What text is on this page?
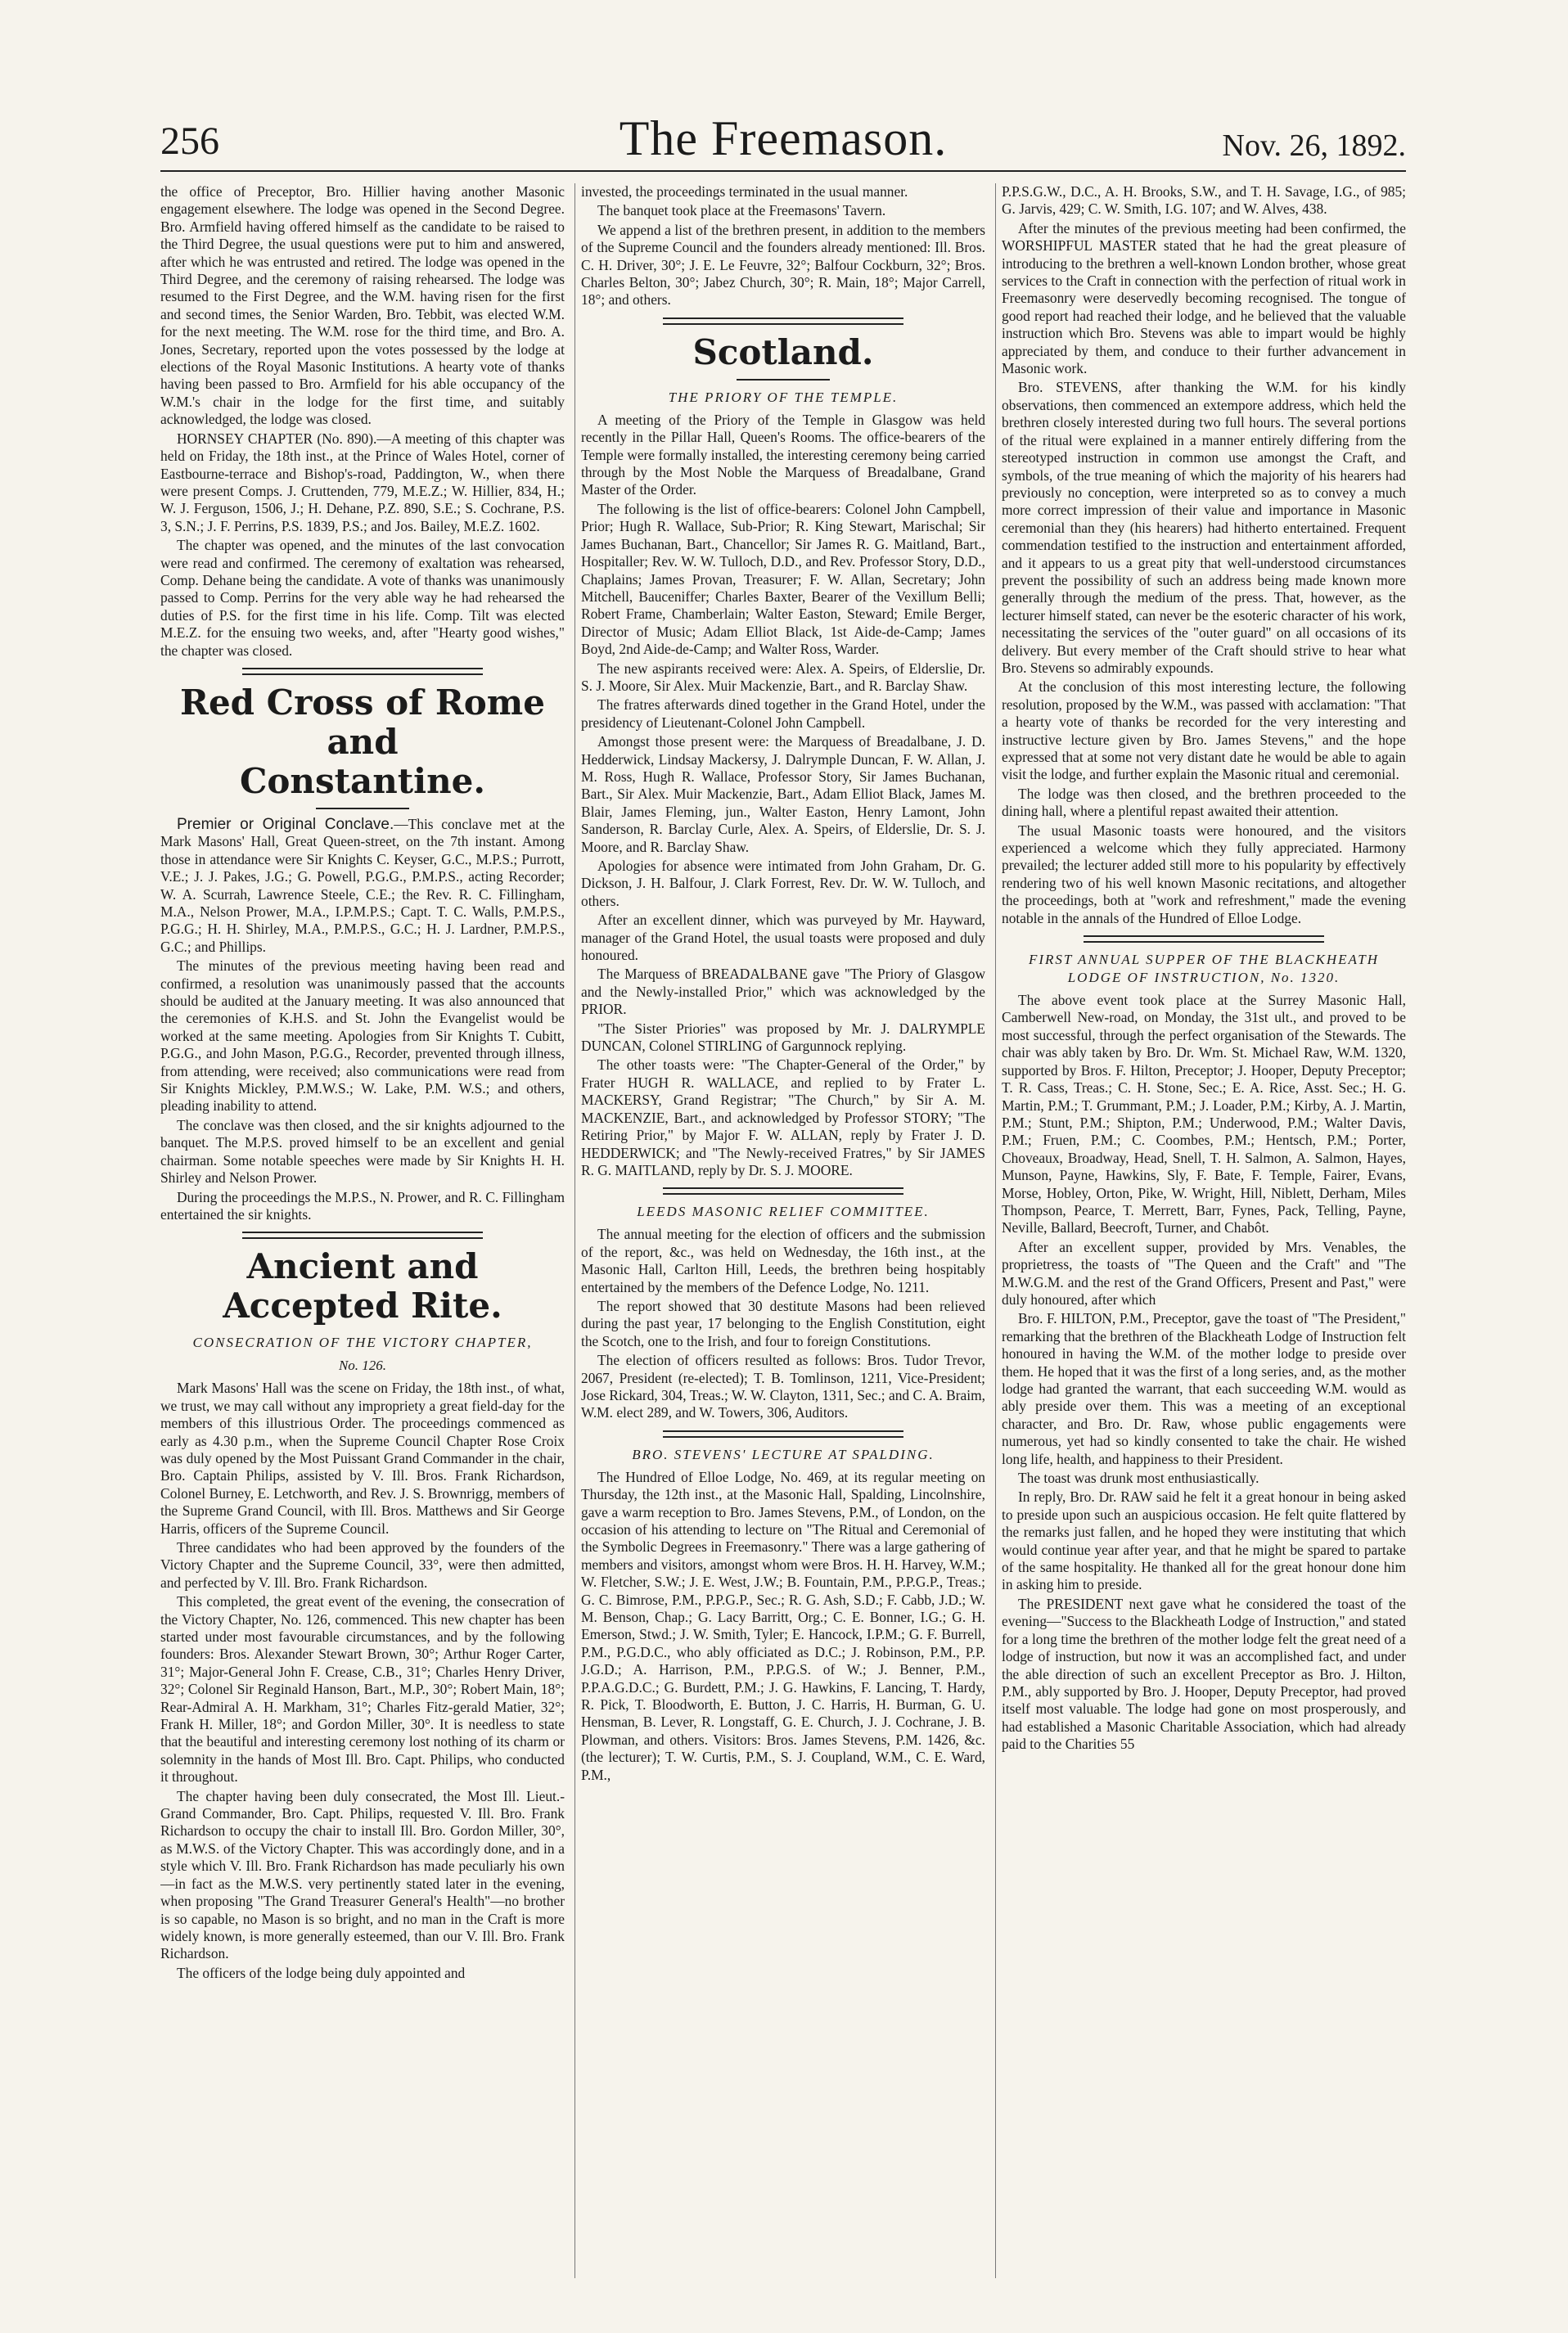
256	The Freemason.	Nov. 26, 1892.

the office of Preceptor, Bro. Hillier having another Masonic engagement elsewhere. The lodge was opened in the Second Degree. Bro. Armfield having offered himself as the candidate to be raised to the Third Degree, the usual questions were put to him and answered, after which he was entrusted and retired. The lodge was opened in the Third Degree, and the ceremony of raising rehearsed. The lodge was resumed to the First Degree, and the W.M. having risen for the first and second times, the Senior Warden, Bro. Tebbit, was elected W.M. for the next meeting. The W.M. rose for the third time, and Bro. A. Jones, Secretary, reported upon the votes possessed by the lodge at elections of the Royal Masonic Institutions. A hearty vote of thanks having been passed to Bro. Armfield for his able occupancy of the W.M.'s chair in the lodge for the first time, and suitably acknowledged, the lodge was closed.

HORNSEY CHAPTER (No. 890).—A meeting of this chapter was held on Friday, the 18th inst., at the Prince of Wales Hotel, corner of Eastbourne-terrace and Bishop's-road, Paddington, W., when there were present Comps. J. Cruttenden, 779, M.E.Z.; W. Hillier, 834, H.; W. J. Ferguson, 1506, J.; H. Dehane, P.Z. 890, S.E.; S. Cochrane, P.S. 3, S.N.; J. F. Perrins, P.S. 1839, P.S.; and Jos. Bailey, M.E.Z. 1602.

The chapter was opened, and the minutes of the last convocation were read and confirmed. The ceremony of exaltation was rehearsed, Comp. Dehane being the candidate. A vote of thanks was unanimously passed to Comp. Perrins for the very able way he had rehearsed the duties of P.S. for the first time in his life. Comp. Tilt was elected M.E.Z. for the ensuing two weeks, and, after "Hearty good wishes," the chapter was closed.

Red Cross of Rome and
Constantine.

Premier or Original Conclave.—This conclave met at the Mark Masons' Hall, Great Queen-street, on the 7th instant. Among those in attendance were Sir Knights C. Keyser, G.C., M.P.S.; Purrott, V.E.; J. J. Pakes, J.G.; G. Powell, P.G.G., P.M.P.S., acting Recorder; W. A. Scurrah, Lawrence Steele, C.E.; the Rev. R. C. Fillingham, M.A., Nelson Prower, M.A., I.P.M.P.S.; Capt. T. C. Walls, P.M.P.S., P.G.G.; H. H. Shirley, M.A., P.M.P.S., G.C.; H. J. Lardner, P.M.P.S., G.C.; and Phillips.

The minutes of the previous meeting having been read and confirmed, a resolution was unanimously passed that the accounts should be audited at the January meeting. It was also announced that the ceremonies of K.H.S. and St. John the Evangelist would be worked at the same meeting. Apologies from Sir Knights T. Cubitt, P.G.G., and John Mason, P.G.G., Recorder, prevented through illness, from attending, were received; also communications were read from Sir Knights Mickley, P.M.W.S.; W. Lake, P.M. W.S.; and others, pleading inability to attend.

The conclave was then closed, and the sir knights adjourned to the banquet. The M.P.S. proved himself to be an excellent and genial chairman. Some notable speeches were made by Sir Knights H. H. Shirley and Nelson Prower.

During the proceedings the M.P.S., N. Prower, and R. C. Fillingham entertained the sir knights.

Ancient and Accepted Rite.
CONSECRATION OF THE VICTORY CHAPTER,
No. 126.

Mark Masons' Hall was the scene on Friday, the 18th inst., of what, we trust, we may call without any impropriety a great field-day for the members of this illustrious Order. The proceedings commenced as early as 4.30 p.m., when the Supreme Council Chapter Rose Croix was duly opened by the Most Puissant Grand Commander in the chair, Bro. Captain Philips, assisted by V. Ill. Bros. Frank Richardson, Colonel Burney, E. Letchworth, and Rev. J. S. Brownrigg, members of the Supreme Grand Council, with Ill. Bros. Matthews and Sir George Harris, officers of the Supreme Council.

Three candidates who had been approved by the founders of the Victory Chapter and the Supreme Council, 33°, were then admitted, and perfected by V. Ill. Bro. Frank Richardson.

This completed, the great event of the evening, the consecration of the Victory Chapter, No. 126, commenced. This new chapter has been started under most favourable circumstances, and by the following founders: Bros. Alexander Stewart Brown, 30°; Arthur Roger Carter, 31°; Major-General John F. Crease, C.B., 31°; Charles Henry Driver, 32°; Colonel Sir Reginald Hanson, Bart., M.P., 30°; Robert Main, 18°; Rear-Admiral A. H. Markham, 31°; Charles Fitz-gerald Matier, 32°; Frank H. Miller, 18°; and Gordon Miller, 30°. It is needless to state that the beautiful and interesting ceremony lost nothing of its charm or solemnity in the hands of Most Ill. Bro. Capt. Philips, who conducted it throughout.

The chapter having been duly consecrated, the Most Ill. Lieut.-Grand Commander, Bro. Capt. Philips, requested V. Ill. Bro. Frank Richardson to occupy the chair to install Ill. Bro. Gordon Miller, 30°, as M.W.S. of the Victory Chapter. This was accordingly done, and in a style which V. Ill. Bro. Frank Richardson has made peculiarly his own—in fact as the M.W.S. very pertinently stated later in the evening, when proposing "The Grand Treasurer General's Health"—no brother is so capable, no Mason is so bright, and no man in the Craft is more widely known, is more generally esteemed, than our V. Ill. Bro. Frank Richardson.

The officers of the lodge being duly appointed and

invested, the proceedings terminated in the usual manner.

The banquet took place at the Freemasons' Tavern.

We append a list of the brethren present, in addition to the members of the Supreme Council and the founders already mentioned: Ill. Bros. C. H. Driver, 30°; J. E. Le Feuvre, 32°; Balfour Cockburn, 32°; Bros. Charles Belton, 30°; Jabez Church, 30°; R. Main, 18°; Major Carrell, 18°; and others.

Scotland.
THE PRIORY OF THE TEMPLE.

A meeting of the Priory of the Temple in Glasgow was held recently in the Pillar Hall, Queen's Rooms. The office-bearers of the Temple were formally installed, the interesting ceremony being carried through by the Most Noble the Marquess of Breadalbane, Grand Master of the Order.

The following is the list of office-bearers: Colonel John Campbell, Prior; Hugh R. Wallace, Sub-Prior; R. King Stewart, Marischal; Sir James Buchanan, Bart., Chancellor; Sir James R. G. Maitland, Bart., Hospitaller; Rev. W. W. Tulloch, D.D., and Rev. Professor Story, D.D., Chaplains; James Provan, Treasurer; F. W. Allan, Secretary; John Mitchell, Bauceniffer; Charles Baxter, Bearer of the Vexillum Belli; Robert Frame, Chamberlain; Walter Easton, Steward; Emile Berger, Director of Music; Adam Elliot Black, 1st Aide-de-Camp; James Boyd, 2nd Aide-de-Camp; and Walter Ross, Warder.

The new aspirants received were: Alex. A. Speirs, of Elderslie, Dr. S. J. Moore, Sir Alex. Muir Mackenzie, Bart., and R. Barclay Shaw.

The fratres afterwards dined together in the Grand Hotel, under the presidency of Lieutenant-Colonel John Campbell.

Amongst those present were: the Marquess of Breadalbane, J. D. Hedderwick, Lindsay Mackersy, J. Dalrymple Duncan, F. W. Allan, J. M. Ross, Hugh R. Wallace, Professor Story, Sir James Buchanan, Bart., Sir Alex. Muir Mackenzie, Bart., Adam Elliot Black, James M. Blair, James Fleming, jun., Walter Easton, Henry Lamont, John Sanderson, R. Barclay Curle, Alex. A. Speirs, of Elderslie, Dr. S. J. Moore, and R. Barclay Shaw.

Apologies for absence were intimated from John Graham, Dr. G. Dickson, J. H. Balfour, J. Clark Forrest, Rev. Dr. W. W. Tulloch, and others.

After an excellent dinner, which was purveyed by Mr. Hayward, manager of the Grand Hotel, the usual toasts were proposed and duly honoured.

The Marquess of BREADALBANE gave "The Priory of Glasgow and the Newly-installed Prior," which was acknowledged by the PRIOR.

"The Sister Priories" was proposed by Mr. J. DALRYMPLE DUNCAN, Colonel STIRLING of Gargunnock replying.

The other toasts were: "The Chapter-General of the Order," by Frater HUGH R. WALLACE, and replied to by Frater L. MACKERSY, Grand Registrar; "The Church," by Sir A. M. MACKENZIE, Bart., and acknowledged by Professor STORY; "The Retiring Prior," by Major F. W. ALLAN, reply by Frater J. D. HEDDERWICK; and "The Newly-received Fratres," by Sir JAMES R. G. MAITLAND, reply by Dr. S. J. MOORE.

LEEDS MASONIC RELIEF COMMITTEE.

The annual meeting for the election of officers and the submission of the report, &c., was held on Wednesday, the 16th inst., at the Masonic Hall, Carlton Hill, Leeds, the brethren being hospitably entertained by the members of the Defence Lodge, No. 1211.

The report showed that 30 destitute Masons had been relieved during the past year, 17 belonging to the English Constitution, eight the Scotch, one to the Irish, and four to foreign Constitutions.

The election of officers resulted as follows: Bros. Tudor Trevor, 2067, President (re-elected); T. B. Tomlinson, 1211, Vice-President; Jose Rickard, 304, Treas.; W. W. Clayton, 1311, Sec.; and C. A. Braim, W.M. elect 289, and W. Towers, 306, Auditors.

BRO. STEVENS' LECTURE AT SPALDING.

The Hundred of Elloe Lodge, No. 469, at its regular meeting on Thursday, the 12th inst., at the Masonic Hall, Spalding, Lincolnshire, gave a warm reception to Bro. James Stevens, P.M., of London, on the occasion of his attending to lecture on "The Ritual and Ceremonial of the Symbolic Degrees in Freemasonry." There was a large gathering of members and visitors, amongst whom were Bros. H. H. Harvey, W.M.; W. Fletcher, S.W.; J. E. West, J.W.; B. Fountain, P.M., P.P.G.P., Treas.; G. C. Bimrose, P.M., P.P.G.P., Sec.; R. G. Ash, S.D.; F. Cabb, J.D.; W. M. Benson, Chap.; G. Lacy Barritt, Org.; C. E. Bonner, I.G.; G. H. Emerson, Stwd.; J. W. Smith, Tyler; E. Hancock, I.P.M.; G. F. Burrell, P.M., P.G.D.C., who ably officiated as D.C.; J. Robinson, P.M., P.P. J.G.D.; A. Harrison, P.M., P.P.G.S. of W.; J. Benner, P.M., P.P.A.G.D.C.; G. Burdett, P.M.; J. G. Hawkins, F. Lancing, T. Hardy, R. Pick, T. Bloodworth, E. Button, J. C. Harris, H. Burman, G. U. Hensman, B. Lever, R. Longstaff, G. E. Church, J. J. Cochrane, J. B. Plowman, and others. Visitors: Bros. James Stevens, P.M. 1426, &c. (the lecturer); T. W. Curtis, P.M., S. J. Coupland, W.M., C. E. Ward, P.M.,

P.P.S.G.W., D.C., A. H. Brooks, S.W., and T. H. Savage, I.G., of 985; G. Jarvis, 429; C. W. Smith, I.G. 107; and W. Alves, 438.

After the minutes of the previous meeting had been confirmed, the WORSHIPFUL MASTER stated that he had the great pleasure of introducing to the brethren a well-known London brother, whose great services to the Craft in connection with the perfection of ritual work in Freemasonry were deservedly becoming recognised. The tongue of good report had reached their lodge, and he believed that the valuable instruction which Bro. Stevens was able to impart would be highly appreciated by them, and conduce to their further advancement in Masonic work.

Bro. STEVENS, after thanking the W.M. for his kindly observations, then commenced an extempore address, which held the brethren closely interested during two full hours. The several portions of the ritual were explained in a manner entirely differing from the stereotyped instruction in common use amongst the Craft, and symbols, of the true meaning of which the majority of his hearers had previously no conception, were interpreted so as to convey a much more correct impression of their value and importance in Masonic ceremonial than they (his hearers) had hitherto entertained. Frequent commendation testified to the instruction and entertainment afforded, and it appears to us a great pity that well-understood circumstances prevent the possibility of such an address being made known more generally through the medium of the press. That, however, as the lecturer himself stated, can never be the esoteric character of his work, necessitating the services of the "outer guard" on all occasions of its delivery. But every member of the Craft should strive to hear what Bro. Stevens so admirably expounds.

At the conclusion of this most interesting lecture, the following resolution, proposed by the W.M., was passed with acclamation: "That a hearty vote of thanks be recorded for the very interesting and instructive lecture given by Bro. James Stevens," and the hope expressed that at some not very distant date he would be able to again visit the lodge, and further explain the Masonic ritual and ceremonial.

The lodge was then closed, and the brethren proceeded to the dining hall, where a plentiful repast awaited their attention.

The usual Masonic toasts were honoured, and the visitors experienced a welcome which they fully appreciated. Harmony prevailed; the lecturer added still more to his popularity by effectively rendering two of his well known Masonic recitations, and altogether the proceedings, both at "work and refreshment," made the evening notable in the annals of the Hundred of Elloe Lodge.

FIRST ANNUAL SUPPER OF THE BLACKHEATH
LODGE OF INSTRUCTION, No. 1320.

The above event took place at the Surrey Masonic Hall, Camberwell New-road, on Monday, the 31st ult., and proved to be most successful, through the perfect organisation of the Stewards. The chair was ably taken by Bro. Dr. Wm. St. Michael Raw, W.M. 1320, supported by Bros. F. Hilton, Preceptor; J. Hooper, Deputy Preceptor; T. R. Cass, Treas.; C. H. Stone, Sec.; E. A. Rice, Asst. Sec.; H. G. Martin, P.M.; T. Grummant, P.M.; J. Loader, P.M.; Kirby, A. J. Martin, P.M.; Stunt, P.M.; Shipton, P.M.; Underwood, P.M.; Walter Davis, P.M.; Fruen, P.M.; C. Coombes, P.M.; Hentsch, P.M.; Porter, Choveaux, Broadway, Head, Snell, T. H. Salmon, A. Salmon, Hayes, Munson, Payne, Hawkins, Sly, F. Bate, F. Temple, Fairer, Evans, Morse, Hobley, Orton, Pike, W. Wright, Hill, Niblett, Derham, Miles Thompson, Pearce, T. Merrett, Barr, Fynes, Pack, Telling, Payne, Neville, Ballard, Beecroft, Turner, and Chabôt.

After an excellent supper, provided by Mrs. Venables, the proprietress, the toasts of "The Queen and the Craft" and "The M.W.G.M. and the rest of the Grand Officers, Present and Past," were duly honoured, after which

Bro. F. HILTON, P.M., Preceptor, gave the toast of "The President," remarking that the brethren of the Blackheath Lodge of Instruction felt honoured in having the W.M. of the mother lodge to preside over them. He hoped that it was the first of a long series, and, as the mother lodge had granted the warrant, that each succeeding W.M. would as ably preside over them. This was a meeting of an exceptional character, and Bro. Dr. Raw, whose public engagements were numerous, yet had so kindly consented to take the chair. He wished long life, health, and happiness to their President.

The toast was drunk most enthusiastically.

In reply, Bro. Dr. RAW said he felt it a great honour in being asked to preside upon such an auspicious occasion. He felt quite flattered by the remarks just fallen, and he hoped they were instituting that which would continue year after year, and that he might be spared to partake of the same hospitality. He thanked all for the great honour done him in asking him to preside.

The PRESIDENT next gave what he considered the toast of the evening—"Success to the Blackheath Lodge of Instruction," and stated for a long time the brethren of the mother lodge felt the great need of a lodge of instruction, but now it was an accomplished fact, and under the able direction of such an excellent Preceptor as Bro. J. Hilton, P.M., ably supported by Bro. J. Hooper, Deputy Preceptor, had proved itself most valuable. The lodge had gone on most prosperously, and had established a Masonic Charitable Association, which had already paid to the Charities 55
